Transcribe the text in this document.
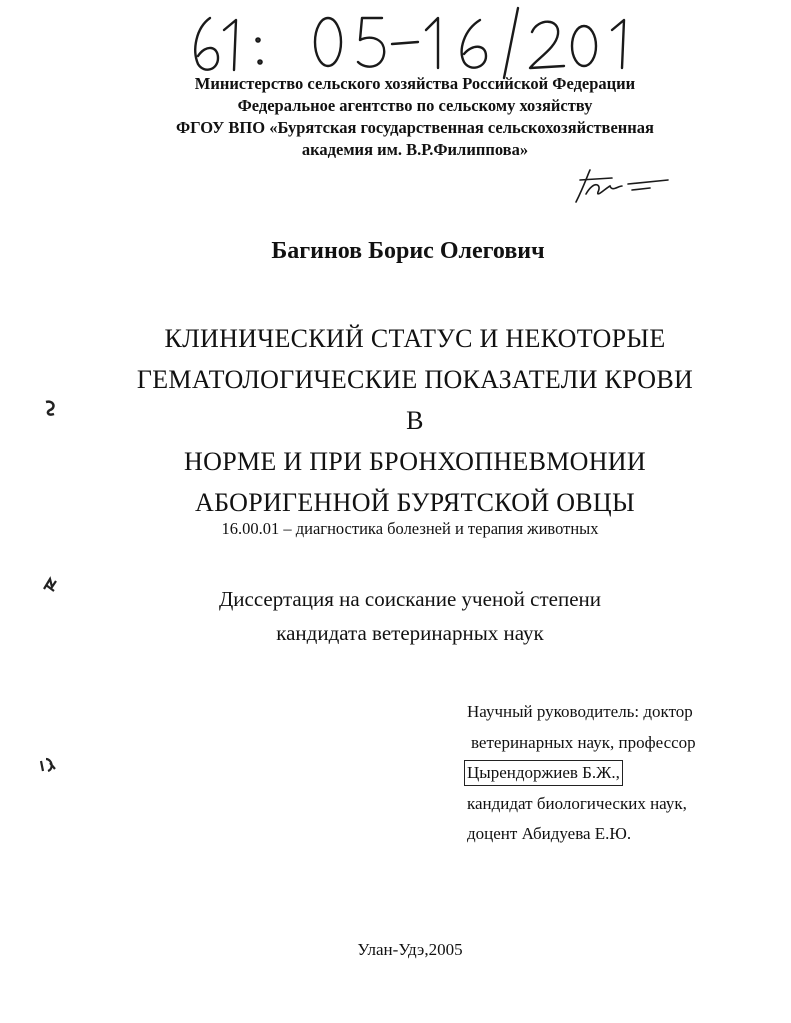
Министерство сельского хозяйства Российской Федерации
Федеральное агентство по сельскому хозяйству
ФГОУ ВПО «Бурятская государственная сельскохозяйственная
академия им. В.Р.Филиппова»
Багинов Борис Олегович
КЛИНИЧЕСКИЙ СТАТУС И НЕКОТОРЫЕ
ГЕМАТОЛОГИЧЕСКИЕ ПОКАЗАТЕЛИ КРОВИ В
НОРМЕ И ПРИ БРОНХОПНЕВМОНИИ
АБОРИГЕННОЙ БУРЯТСКОЙ ОВЦЫ
16.00.01 – диагностика болезней и терапия животных
Диссертация на соискание ученой степени
кандидата ветеринарных наук
Научный руководитель: доктор
ветеринарных наук, профессор
Цырендоржиев Б.Ж.,
кандидат биологических наук,
доцент Абидуева Е.Ю.
Улан-Удэ,2005
